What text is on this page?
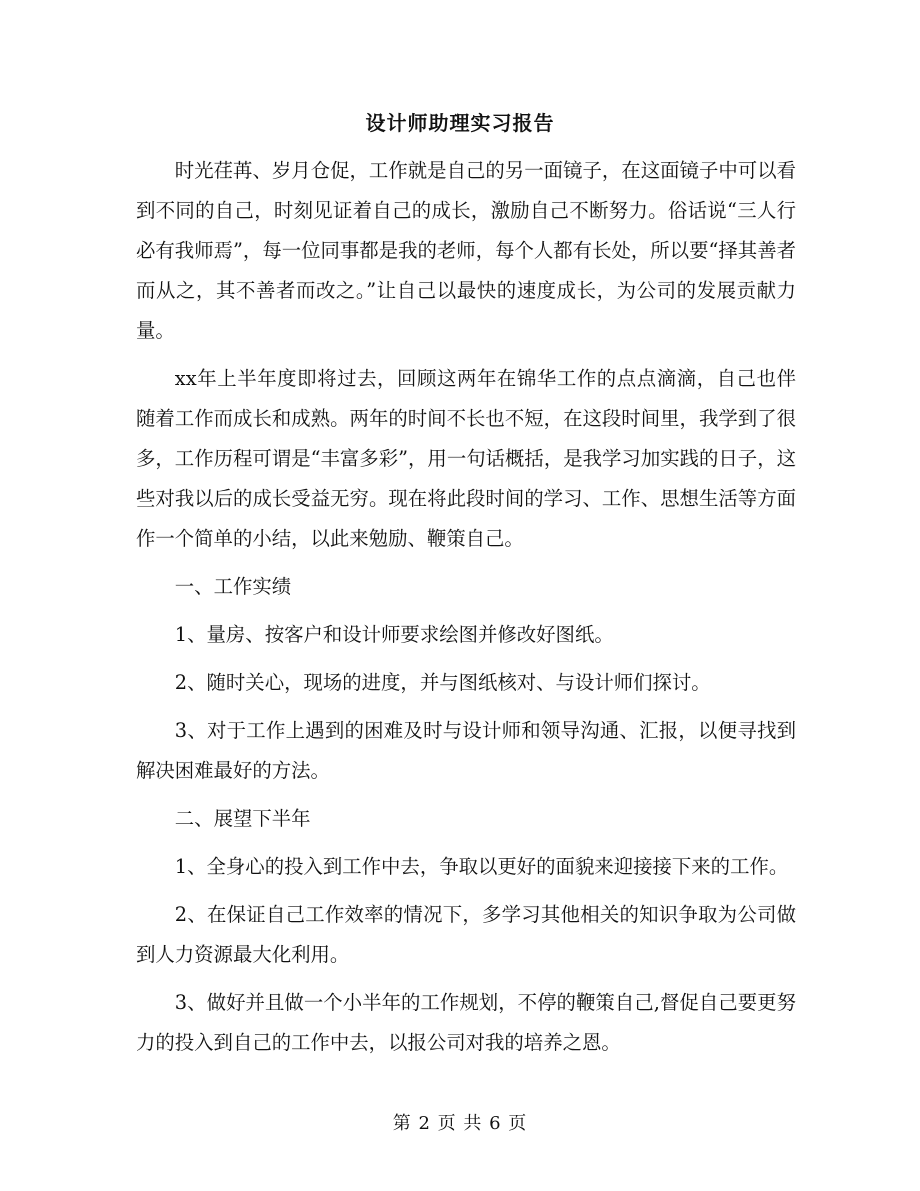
设计师助理实习报告

时光荏苒、岁月仓促，工作就是自己的另一面镜子，在这面镜子中可以看到不同的自己，时刻见证着自己的成长，激励自己不断努力。俗话说“三人行必有我师焉”，每一位同事都是我的老师，每个人都有长处，所以要“择其善者而从之，其不善者而改之。”让自己以最快的速度成长，为公司的发展贡献力量。

xx年上半年度即将过去，回顾这两年在锦华工作的点点滴滴，自己也伴随着工作而成长和成熟。两年的时间不长也不短，在这段时间里，我学到了很多，工作历程可谓是“丰富多彩”，用一句话概括，是我学习加实践的日子，这些对我以后的成长受益无穷。现在将此段时间的学习、工作、思想生活等方面作一个简单的小结，以此来勉励、鞭策自己。

一、工作实绩

1、量房、按客户和设计师要求绘图并修改好图纸。

2、随时关心，现场的进度，并与图纸核对、与设计师们探讨。

3、对于工作上遇到的困难及时与设计师和领导沟通、汇报，以便寻找到解决困难最好的方法。

二、展望下半年

1、全身心的投入到工作中去，争取以更好的面貌来迎接接下来的工作。

2、在保证自己工作效率的情况下，多学习其他相关的知识争取为公司做到人力资源最大化利用。

3、做好并且做一个小半年的工作规划，不停的鞭策自己,督促自己要更努力的投入到自己的工作中去，以报公司对我的培养之恩。

第 2 页 共 6 页
